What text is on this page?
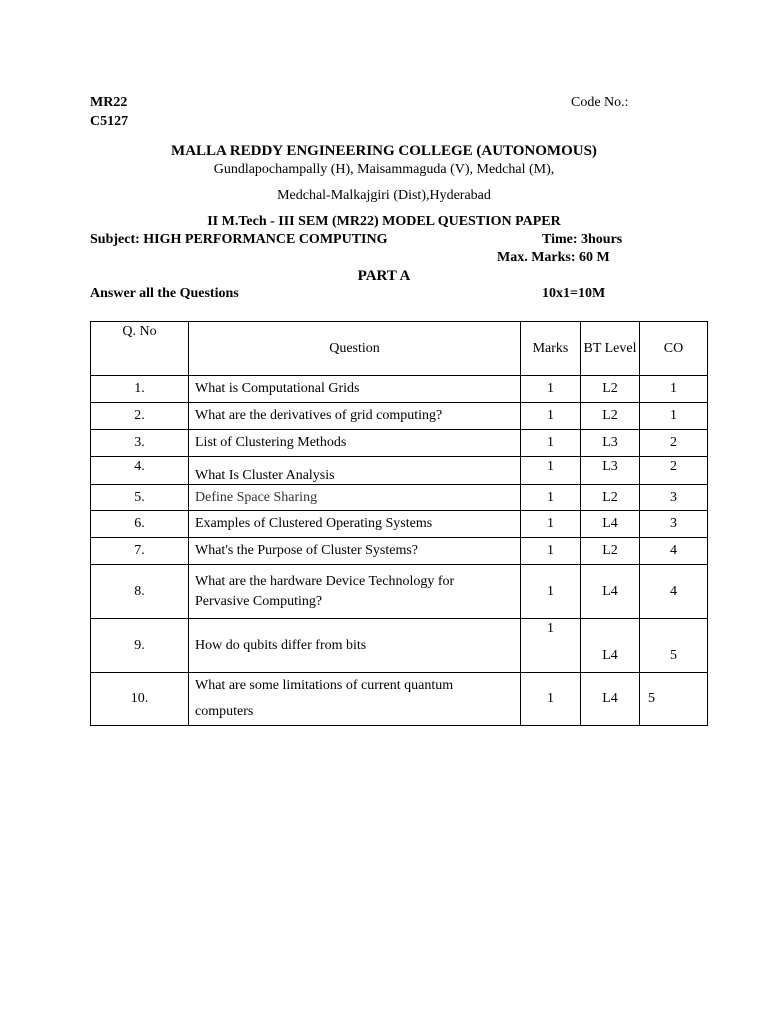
MR22
C5127
Code No.:
MALLA REDDY ENGINEERING COLLEGE (AUTONOMOUS)
Gundlapochampally (H), Maisammaguda (V), Medchal (M),
Medchal-Malkajgiri (Dist),Hyderabad
II M.Tech - III SEM (MR22) MODEL QUESTION PAPER
Subject: HIGH PERFORMANCE COMPUTING	Time: 3hours
Max. Marks: 60 M
PART A
Answer all the Questions	10x1=10M
Q. No	Question	Marks	BT Level	CO
1.	What is Computational Grids	1	L2	1
2.	What are the derivatives of grid computing?	1	L2	1
3.	List of Clustering Methods	1	L3	2
4.	What Is Cluster Analysis	1	L3	2
5.	Define Space Sharing	1	L2	3
6.	Examples of Clustered Operating Systems	1	L4	3
7.	What's the Purpose of Cluster Systems?	1	L2	4
8.	What are the hardware Device Technology for
Pervasive Computing?	1	L4	4
9.	How do qubits differ from bits	1	L4	5
10.	What are some limitations of current quantum
computers	1	L4	5
